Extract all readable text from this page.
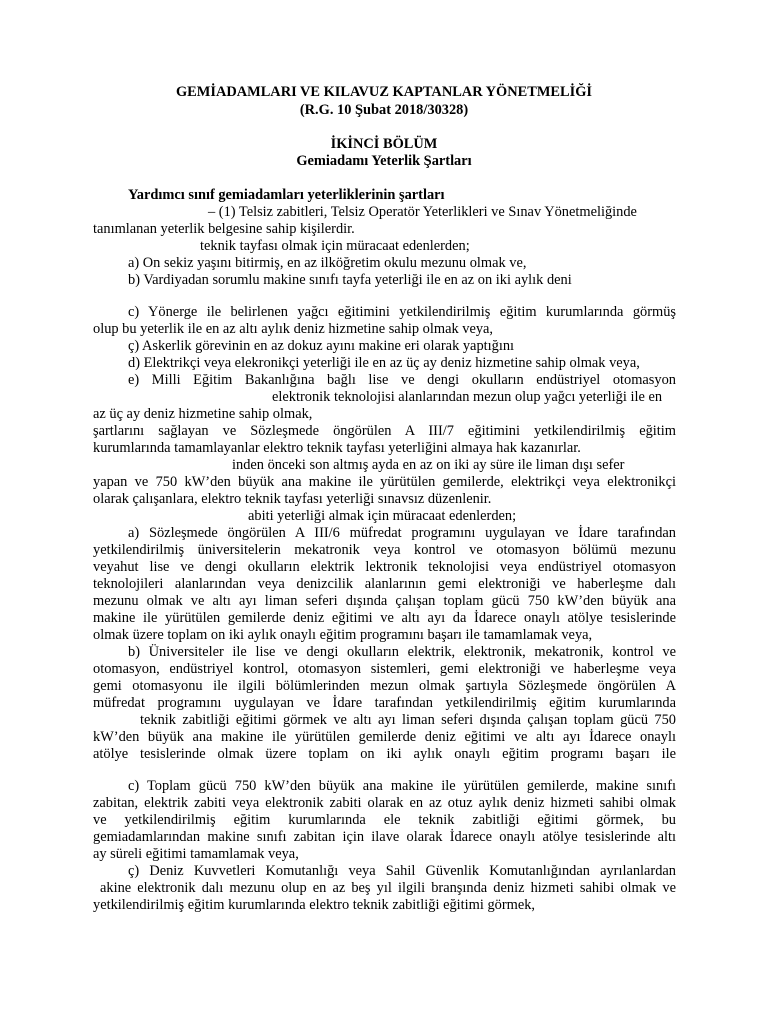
GEMİADAMLARI VE KILAVUZ KAPTANLAR YÖNETMELİĞİ
(R.G. 10 Şubat 2018/30328)
İKİNCİ BÖLÜM
Gemiadamı Yeterlik Şartları
Yardımcı sınıf gemiadamları yeterliklerinin şartları
– (1) Telsiz zabitleri, Telsiz Operatör Yeterlikleri ve Sınav Yönetmeliğinde
tanımlanan yeterlik belgesine sahip kişilerdir.
teknik tayfası olmak için müracaat edenlerden;
a) On sekiz yaşını bitirmiş, en az ilköğretim okulu mezunu olmak ve,
b) Vardiyadan sorumlu makine sınıfı tayfa yeterliği ile en az on iki aylık deni
c) Yönerge ile belirlenen yağcı eğitimini yetkilendirilmiş eğitim kurumlarında görmüş
olup bu yeterlik ile en az altı aylık deniz hizmetine sahip olmak veya,
ç) Askerlik görevinin en az dokuz ayını makine eri olarak yaptığını
d) Elektrikçi veya elekronikçi yeterliği ile en az üç ay deniz hizmetine sahip olmak veya,
e) Milli Eğitim Bakanlığına bağlı lise ve dengi okulların endüstriyel otomasyon
elektronik teknolojisi alanlarından mezun olup yağcı yeterliği ile en
az üç ay deniz hizmetine sahip olmak,
şartlarını sağlayan ve Sözleşmede öngörülen A III/7 eğitimini yetkilendirilmiş eğitim
kurumlarında tamamlayanlar elektro teknik tayfası yeterliğini almaya hak kazanırlar.
inden önceki son altmış ayda en az on iki ay süre ile liman dışı sefer
yapan ve 750 kW’den büyük ana makine ile yürütülen gemilerde, elektrikçi veya elektronikçi
olarak çalışanlara, elektro teknik tayfası yeterliği sınavsız düzenlenir.
abiti yeterliği almak için müracaat edenlerden;
a) Sözleşmede öngörülen A III/6 müfredat programını uygulayan ve İdare tarafından
yetkilendirilmiş üniversitelerin mekatronik veya kontrol ve otomasyon bölümü mezunu
veyahut lise ve dengi okulların elektrik lektronik teknolojisi veya endüstriyel otomasyon
teknolojileri alanlarından veya denizcilik alanlarının gemi elektroniği ve haberleşme dalı
mezunu olmak ve altı ayı liman seferi dışında çalışan toplam gücü 750 kW’den büyük ana
makine ile yürütülen gemilerde deniz eğitimi ve altı ayı da İdarece onaylı atölye tesislerinde
olmak üzere toplam on iki aylık onaylı eğitim programını başarı ile tamamlamak veya,
b) Üniversiteler ile lise ve dengi okulların elektrik, elektronik, mekatronik, kontrol ve
otomasyon, endüstriyel kontrol, otomasyon sistemleri, gemi elektroniği ve haberleşme veya
gemi otomasyonu ile ilgili bölümlerinden mezun olmak şartıyla Sözleşmede öngörülen A
müfredat programını uygulayan ve İdare tarafından yetkilendirilmiş eğitim kurumlarında
teknik zabitliği eğitimi görmek ve altı ayı liman seferi dışında çalışan toplam gücü 750
kW’den büyük ana makine ile yürütülen gemilerde deniz eğitimi ve altı ayı İdarece onaylı
atölye tesislerinde olmak üzere toplam on iki aylık onaylı eğitim programı başarı ile
c) Toplam gücü 750 kW’den büyük ana makine ile yürütülen gemilerde, makine sınıfı
zabitan, elektrik zabiti veya elektronik zabiti olarak en az otuz aylık deniz hizmeti sahibi olmak
ve yetkilendirilmiş eğitim kurumlarında ele teknik zabitliği eğitimi görmek, bu
gemiadamlarından makine sınıfı zabitan için ilave olarak İdarece onaylı atölye tesislerinde altı
ay süreli eğitimi tamamlamak veya,
ç) Deniz Kuvvetleri Komutanlığı veya Sahil Güvenlik Komutanlığından ayrılanlardan
akine elektronik dalı mezunu olup en az beş yıl ilgili branşında deniz hizmeti sahibi olmak ve
yetkilendirilmiş eğitim kurumlarında elektro teknik zabitliği eğitimi görmek,
